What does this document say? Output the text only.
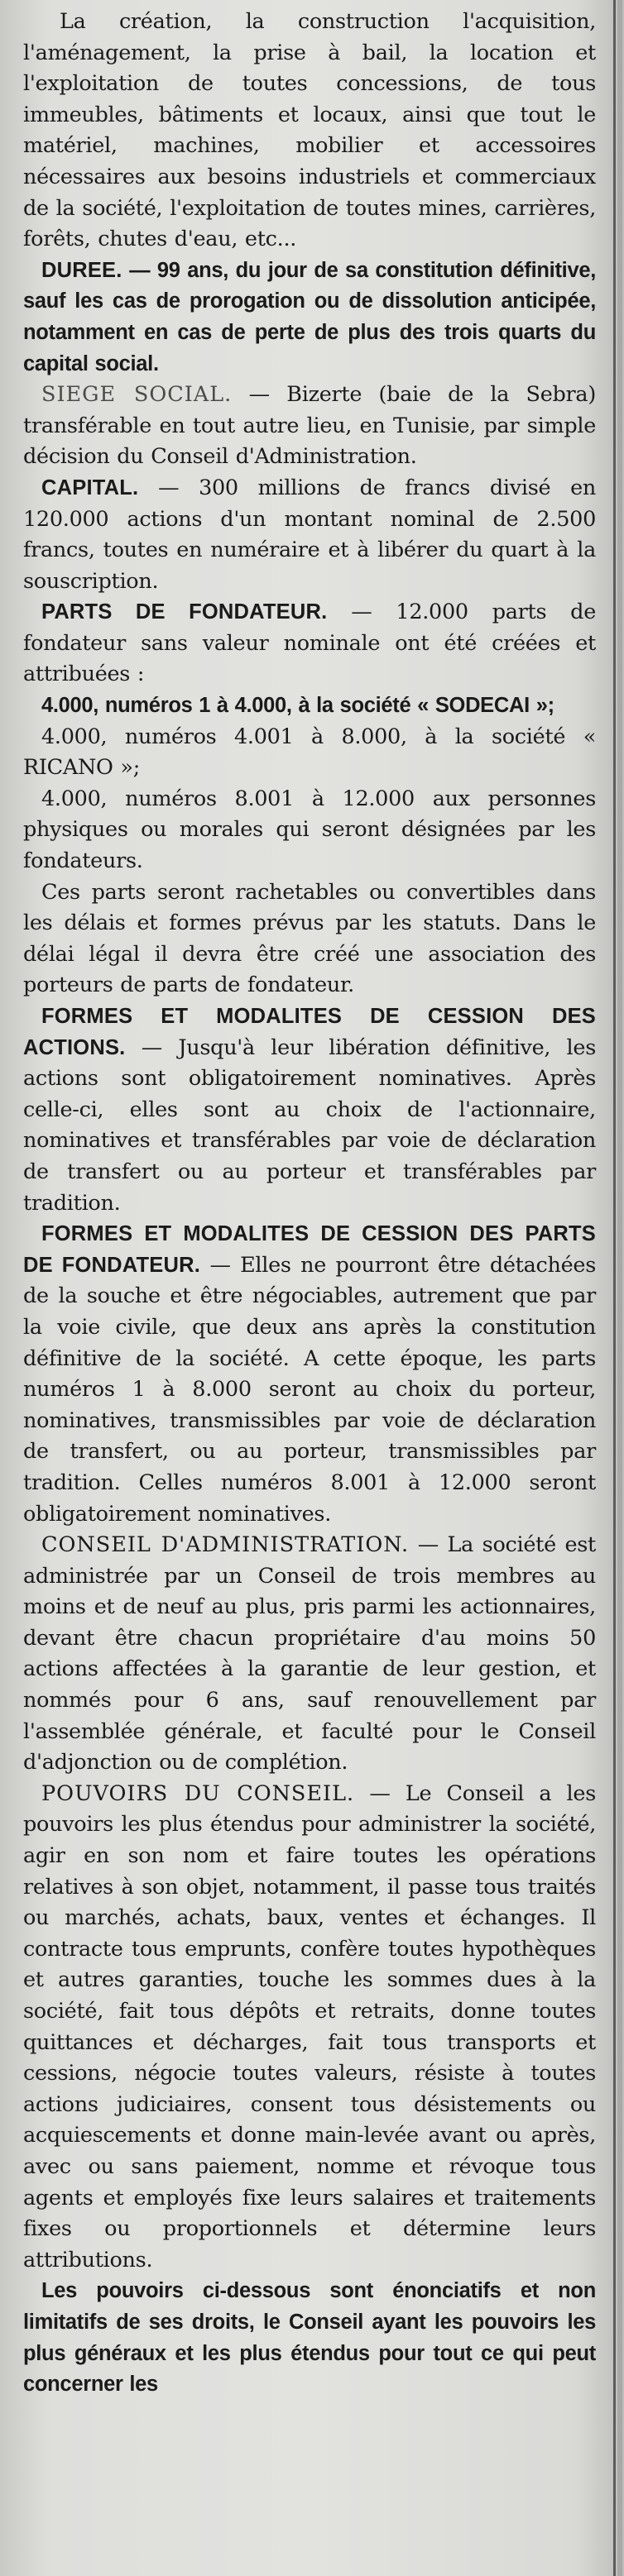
La création, la construction l'acquisition, l'aménagement, la prise à bail, la location et l'exploitation de toutes concessions, de tous immeubles, bâtiments et locaux, ainsi que tout le matériel, machines, mobilier et accessoires nécessaires aux besoins industriels et commerciaux de la société, l'exploitation de toutes mines, carrières, forêts, chutes d'eau, etc...

DUREE. — 99 ans, du jour de sa constitution définitive, sauf les cas de prorogation ou de dissolution anticipée, notamment en cas de perte de plus des trois quarts du capital social.

SIEGE SOCIAL. — Bizerte (baie de la Sebra) transférable en tout autre lieu, en Tunisie, par simple décision du Conseil d'Administration.

CAPITAL. — 300 millions de francs divisé en 120.000 actions d'un montant nominal de 2.500 francs, toutes en numéraire et à libérer du quart à la souscription.

PARTS DE FONDATEUR. — 12.000 parts de fondateur sans valeur nominale ont été créées et attribuées :

4.000, numéros 1 à 4.000, à la société « SODECAI »;

4.000, numéros 4.001 à 8.000, à la société « RICANO »;

4.000, numéros 8.001 à 12.000 aux personnes physiques ou morales qui seront désignées par les fondateurs.

Ces parts seront rachetables ou convertibles dans les délais et formes prévus par les statuts. Dans le délai légal il devra être créé une association des porteurs de parts de fondateur.

FORMES ET MODALITES DE CESSION DES ACTIONS. — Jusqu'à leur libération définitive, les actions sont obligatoirement nominatives. Après celle-ci, elles sont au choix de l'actionnaire, nominatives et transférables par voie de déclaration de transfert ou au porteur et transférables par tradition.

FORMES ET MODALITES DE CESSION DES PARTS DE FONDATEUR. — Elles ne pourront être détachées de la souche et être négociables, autrement que par la voie civile, que deux ans après la constitution définitive de la société. A cette époque, les parts numéros 1 à 8.000 seront au choix du porteur, nominatives, transmissibles par voie de déclaration de transfert, ou au porteur, transmissibles par tradition. Celles numéros 8.001 à 12.000 seront obligatoirement nominatives.

CONSEIL D'ADMINISTRATION. — La société est administrée par un Conseil de trois membres au moins et de neuf au plus, pris parmi les actionnaires, devant être chacun propriétaire d'au moins 50 actions affectées à la garantie de leur gestion, et nommés pour 6 ans, sauf renouvellement par l'assemblée générale, et faculté pour le Conseil d'adjonction ou de complétion.

POUVOIRS DU CONSEIL. — Le Conseil a les pouvoirs les plus étendus pour administrer la société, agir en son nom et faire toutes les opérations relatives à son objet, notamment, il passe tous traités ou marchés, achats, baux, ventes et échanges. Il contracte tous emprunts, confère toutes hypothèques et autres garanties, touche les sommes dues à la société, fait tous dépôts et retraits, donne toutes quittances et décharges, fait tous transports et cessions, négocie toutes valeurs, résiste à toutes actions judiciaires, consent tous désistements ou acquiescements et donne main-levée avant ou après, avec ou sans paiement, nomme et révoque tous agents et employés fixe leurs salaires et traitements fixes ou proportionnels et détermine leurs attributions.

Les pouvoirs ci-dessous sont énonciatifs et non limitatifs de ses droits, le Conseil ayant les pouvoirs les plus généraux et les plus étendus pour tout ce qui peut concerner les
